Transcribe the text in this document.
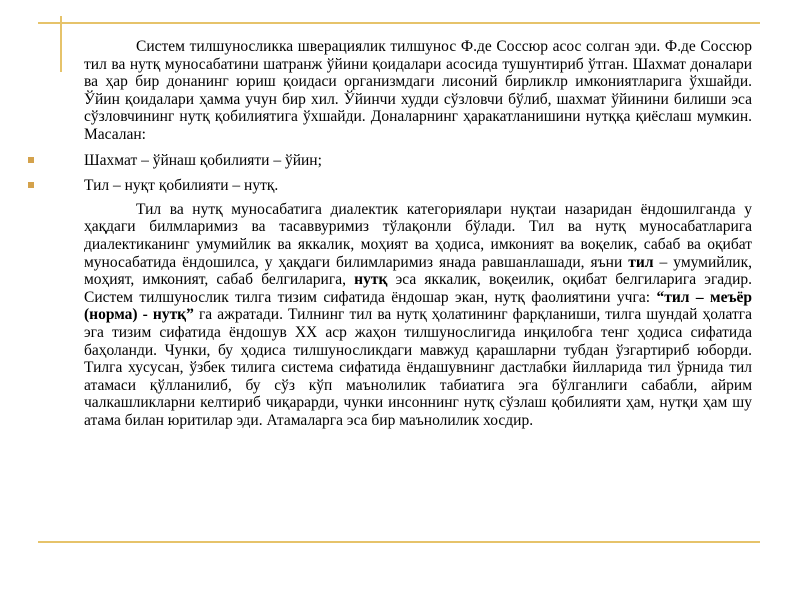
Систем тилшуносликка шверациялик тилшунос Ф.де Соссюр асос солган эди. Ф.де Соссюр тил ва нутқ муносабатини шатранж ўйини қоидалари асосида тушунтириб ўтган. Шахмат доналари ва ҳар бир донанинг юриш қоидаси организмдаги лисоний бирликлр имкониятларига ўхшайди. Ўйин қоидалари ҳамма учун бир хил. Ўйинчи худди сўзловчи бўлиб, шахмат ўйинини билиши эса сўзловчининг нутқ қобилиятига ўхшайди. Доналарнинг ҳаракатланишини нутққа қиёслаш мумкин. Масалан:

Шахмат – ўйнаш қобилияти – ўйин;

Тил – нуқт қобилияти – нутқ.

Тил ва нутқ муносабатига диалектик категориялари нуқтаи назаридан ёндошилганда у ҳақдаги билмларимиз ва тасаввуримиз тўлақонли бўлади. Тил ва нутқ муносабатларига диалектиканинг умумийлик ва яккалик, моҳият ва ҳодиса, имконият ва воқелик, сабаб ва оқибат муносабатида ёндошилса, у ҳақдаги билимларимиз янада равшанлашади, яъни тил – умумийлик, моҳият, имконият, сабаб белгиларига, нутқ эса яккалик, воқеилик, оқибат белгиларига эгадир. Систем тилшунослик тилга тизим сифатида ёндошар экан, нутқ фаолиятини учга: “тил – меъёр (норма) - нутқ” га ажратади. Тилнинг тил ва нутқ ҳолатининг фарқланиши, тилга шундай ҳолатга эга тизим сифатида ёндошув XX аср жаҳон тилшунослигида инқилобга тенг ҳодиса сифатида баҳоланди. Чунки, бу ҳодиса тилшуносликдаги мавжуд қарашларни тубдан ўзгартириб юборди. Тилга хусусан, ўзбек тилига система сифатида ёндашувнинг дастлабки йилларида тил ўрнида тил атамаси қўлланилиб, бу сўз кўп маънолилик табиатига эга бўлганлиги сабабли, айрим чалкашликларни келтириб чиқарарди, чунки инсоннинг нутқ сўзлаш қобилияти ҳам, нутқи ҳам шу атама билан юритилар эди. Атамаларга эса бир маънолилик хосдир.
